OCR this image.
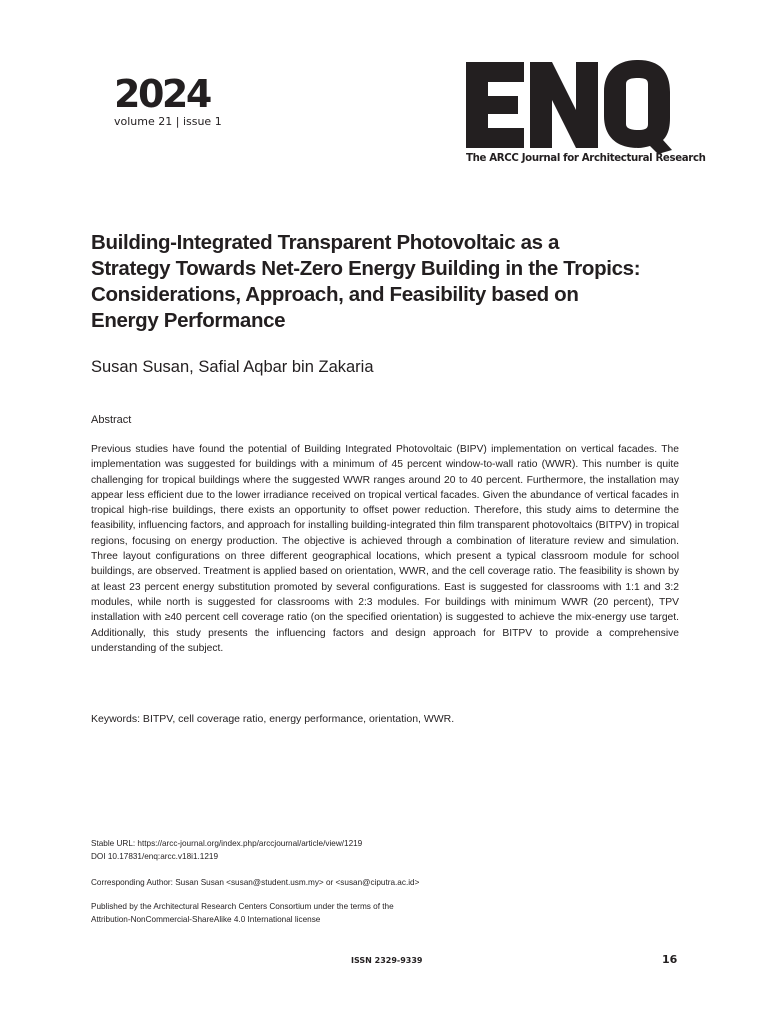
2024
volume 21 | issue 1
The ARCC Journal for Architectural Research
Building-Integrated Transparent Photovoltaic as a
Strategy Towards Net-Zero Energy Building in the Tropics:
Considerations, Approach, and Feasibility based on
Energy Performance
Susan Susan, Safial Aqbar bin Zakaria
Abstract

Previous studies have found the potential of Building Integrated Photovoltaic (BIPV) implementation on vertical facades. The implementation was suggested for buildings with a minimum of 45 percent window-to-wall ratio (WWR). This number is quite challenging for tropical buildings where the suggested WWR ranges around 20 to 40 percent. Furthermore, the installation may appear less efficient due to the lower irradiance received on tropical vertical facades. Given the abundance of vertical facades in tropical high-rise buildings, there exists an opportunity to offset power reduction. Therefore, this study aims to determine the feasibility, influencing factors, and approach for installing building-integrated thin film transparent photovoltaics (BITPV) in tropical regions, focusing on energy production. The objective is achieved through a combination of literature review and simulation. Three layout configurations on three different geographical locations, which present a typical classroom module for school buildings, are observed. Treatment is applied based on orientation, WWR, and the cell coverage ratio. The feasibility is shown by at least 23 percent energy substitution promoted by several configurations. East is suggested for classrooms with 1:1 and 3:2 modules, while north is suggested for classrooms with 2:3 modules. For buildings with minimum WWR (20 percent), TPV installation with ≥40 percent cell coverage ratio (on the specified orientation) is suggested to achieve the mix-energy use target. Additionally, this study presents the influencing factors and design approach for BITPV to provide a comprehensive understanding of the subject.

Keywords: BITPV, cell coverage ratio, energy performance, orientation, WWR.
Stable URL: https://arcc-journal.org/index.php/arccjournal/article/view/1219
DOI 10.17831/enq:arcc.v18i1.1219
Corresponding Author: Susan Susan <susan@student.usm.my> or <susan@ciputra.ac.id>
Published by the Architectural Research Centers Consortium under the terms of the
Attribution-NonCommercial-ShareAlike 4.0 International license
ISSN 2329-9339	16
